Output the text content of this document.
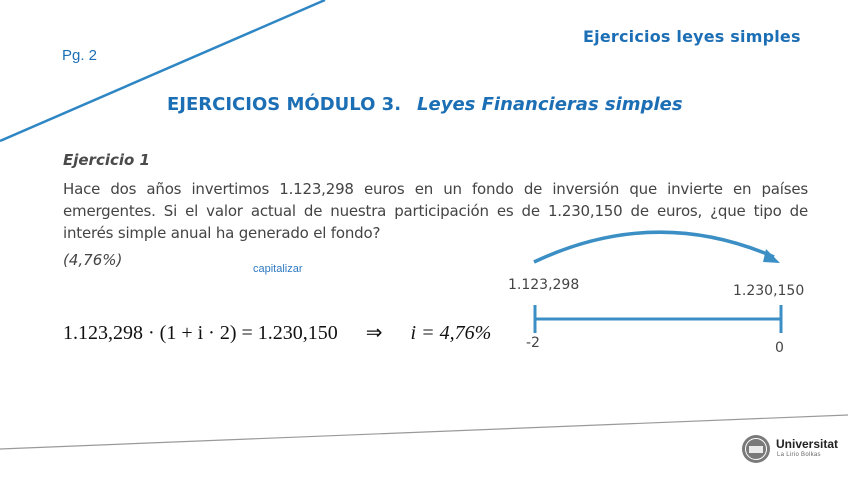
Pg. 2
Ejercicios leyes simples
EJERCICIOS MÓDULO 3. Leyes Financieras simples
Ejercicio 1
Hace dos años invertimos 1.123,298 euros en un fondo de inversión que invierte en países emergentes. Si el valor actual de nuestra participación es de 1.230,150 de euros, ¿que tipo de interés simple anual ha generado el fondo?
(4,76%)	capitalizar
1.123,298 · (1 + i · 2) = 1.230,150 ⇒ i = 4,76%
1.123,298	1.230,150
-2	0
Universitat
La Lirio Bolkas
